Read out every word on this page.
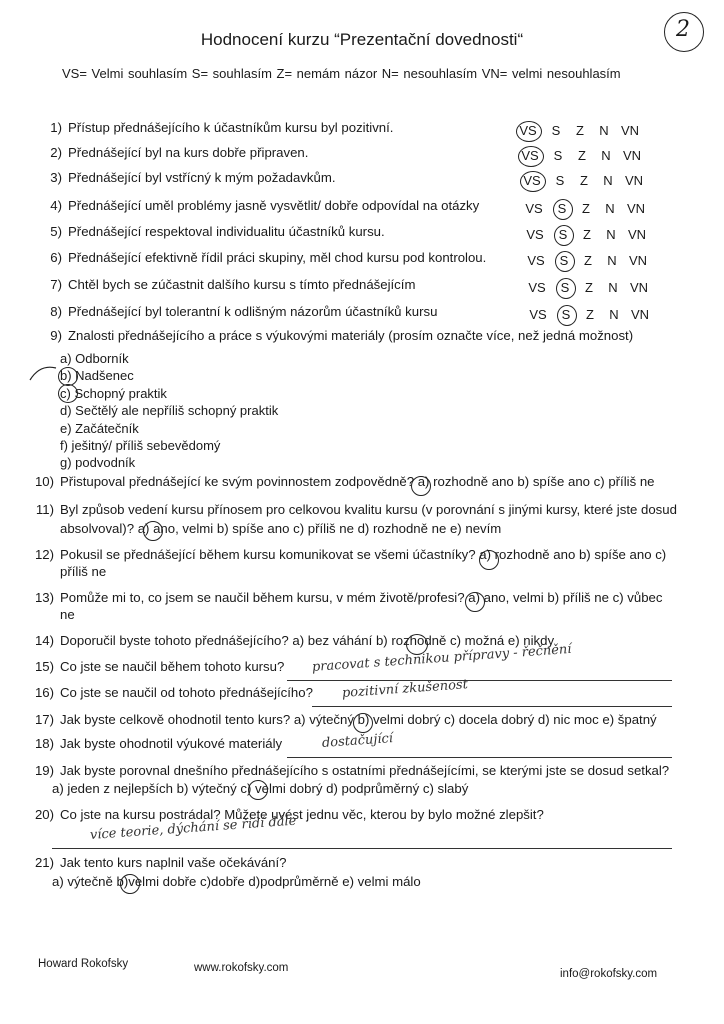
2
Hodnocení kurzu “Prezentační dovednosti“
VS= Velmi souhlasím S= souhlasím Z= nemám názor N= nesouhlasím VN= velmi nesouhlasím
1) Přístup přednášejícího k účastníkům kursu byl pozitivní.	VS	S	Z	N VN
2) Přednášející byl na kurs dobře připraven.	VS	S	Z	N VN
3) Přednášející byl vstřícný k mým požadavkům.	VS	S	Z	N VN
4) Přednášející uměl problémy jasně vysvětlit/ dobře odpovídal na otázky	VS	S	Z	N VN
5) Přednášející respektoval individualitu účastníků kursu.	VS	S	Z	N VN
6) Přednášející efektivně řídil práci skupiny, měl chod kursu pod kontrolou.	VS	S	Z	N VN
7) Chtěl bych se zúčastnit dalšího kursu s tímto přednášejícím	VS	S	Z	N VN
8) Přednášející byl tolerantní k odlišným názorům účastníků kursu	VS	S	Z	N VN
9) Znalosti přednášejícího a práce s výukovými materiály (prosím označte více, než jedná možnost)
a) Odborník
b) Nadšenec
c) Schopný praktik
d) Sečtělý ale nepříliš schopný praktik
e) Začátečník
f) ješitný/ příliš sebevědomý
g) podvodník
10) Přistupoval přednášející ke svým povinnostem zodpovědně? a) rozhodně ano b) spíše ano c) příliš ne
11) Byl způsob vedení kursu přínosem pro celkovou kvalitu kursu (v porovnání s jinými kursy, které jste dosud
absolvoval)? a) ano, velmi b) spíše ano c) příliš ne d) rozhodně ne e) nevím
12) Pokusil se přednášející během kursu komunikovat se všemi účastníky? a) rozhodně ano b) spíše ano c)
příliš ne
13) Pomůže mi to, co jsem se naučil během kursu, v mém životě/profesi? a) ano, velmi b) příliš ne c) vůbec
ne
14) Doporučil byste tohoto přednášejícího? a) bez váhání b) rozhodně c) možná e) nikdy
15) Co jste se naučil během tohoto kursu? pracovat s technikou přípravy - řečnění
16) Co jste se naučil od tohoto přednášejícího? pozitivní zkušenost
17) Jak byste celkově ohodnotil tento kurs? a) výtečný b) velmi dobrý c) docela dobrý d) nic moc e) špatný
18) Jak byste ohodnotil výukové materiály	dostačující
19) Jak byste porovnal dnešního přednášejícího s ostatními přednášejícími, se kterými jste se dosud setkal?
a) jeden z nejlepších b) výtečný c) velmi dobrý d) podprůměrný c) slabý
20) Co jste na kursu postrádal? Můžete uvést jednu věc, kterou by bylo možné zlepšit?
více teorie, dýchání se řídí dále
21) Jak tento kurs naplnil vaše očekávání?
a) výtečně b)velmi dobře c)dobře d)podprůměrně e) velmi málo
Howard Rokofsky	www.rokofsky.com	info@rokofsky.com
